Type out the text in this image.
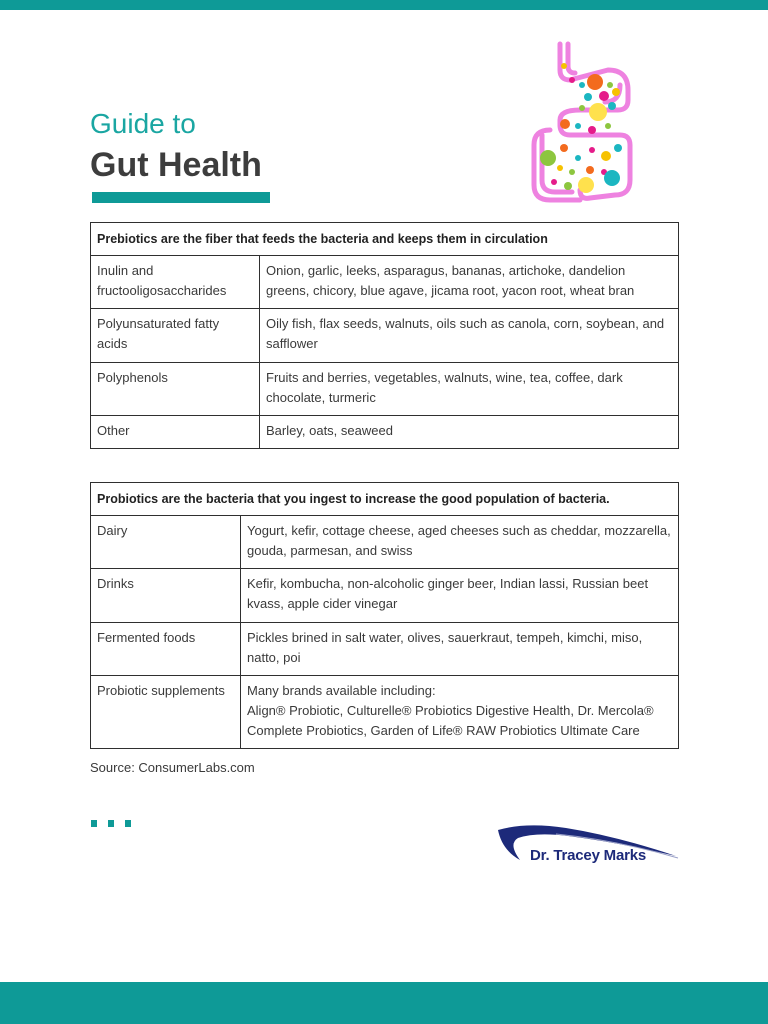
Guide to
Gut Health
Prebiotics are the fiber that feeds the bacteria and keeps them in circulation	
Inulin and fructooligosaccharides	Onion, garlic, leeks, asparagus, bananas, artichoke, dandelion greens, chicory, blue agave, jicama root, yacon root, wheat bran
Polyunsaturated fatty acids	Oily fish, flax seeds, walnuts, oils such as canola, corn, soybean, and safflower
Polyphenols	Fruits and berries, vegetables, walnuts, wine, tea, coffee, dark chocolate, turmeric
Other	Barley, oats, seaweed
Probiotics are the bacteria that you ingest to increase the good population of bacteria.	
Dairy	Yogurt, kefir, cottage cheese, aged cheeses such as cheddar, mozzarella, gouda, parmesan, and swiss
Drinks	Kefir, kombucha, non-alcoholic ginger beer, Indian lassi, Russian beet kvass, apple cider vinegar
Fermented foods	Pickles brined in salt water, olives, sauerkraut, tempeh, kimchi, miso, natto, poi
Probiotic supplements	Many brands available including:
Align® Probiotic, Culturelle® Probiotics Digestive Health, Dr. Mercola® Complete Probiotics, Garden of Life® RAW Probiotics Ultimate Care
Source: ConsumerLabs.com
Dr. Tracey Marks
